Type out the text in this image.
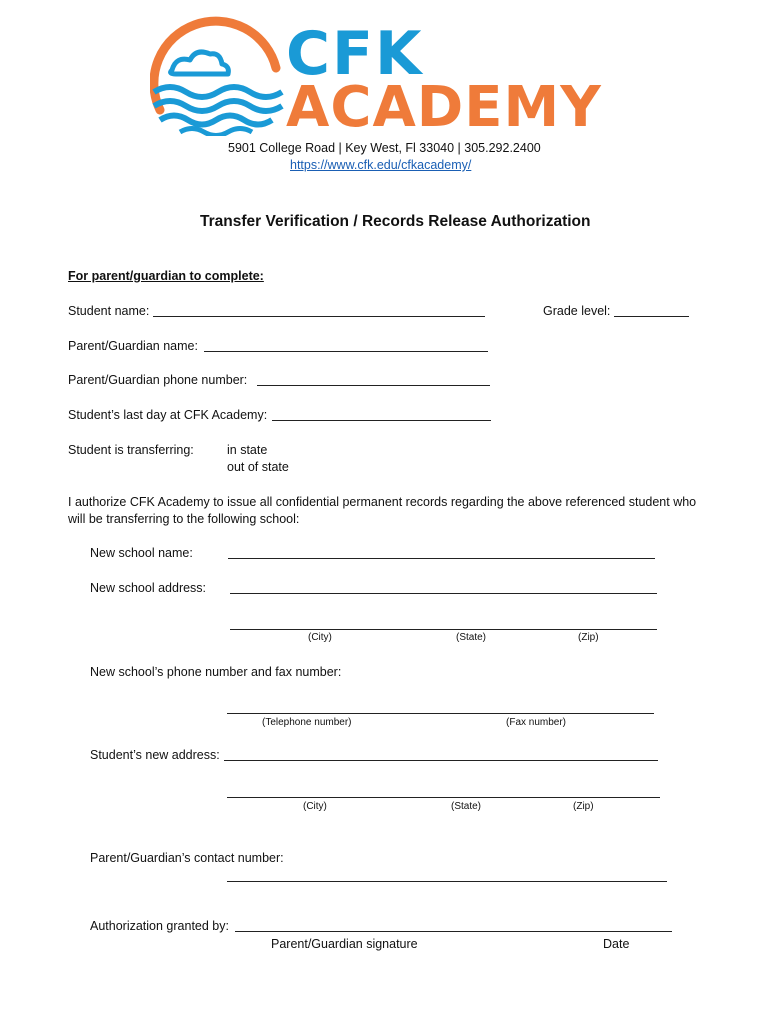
CFK
ACADEMY
5901 College Road | Key West, Fl 33040 | 305.292.2400
https://www.cfk.edu/cfkacademy/
Transfer Verification / Records Release Authorization
For parent/guardian to complete:
Student name:	Grade level:
Parent/Guardian name:
Parent/Guardian phone number:
Student’s last day at CFK Academy:
Student is transferring:	in state
out of state
I authorize CFK Academy to issue all confidential permanent records regarding the above referenced student who
will be transferring to the following school:
New school name:
New school address:
(City)	(State)	(Zip)
New school’s phone number and fax number:
(Telephone number)	(Fax number)
Student’s new address:
(City)	(State)	(Zip)
Parent/Guardian’s contact number:
Authorization granted by:
Parent/Guardian signature	Date
